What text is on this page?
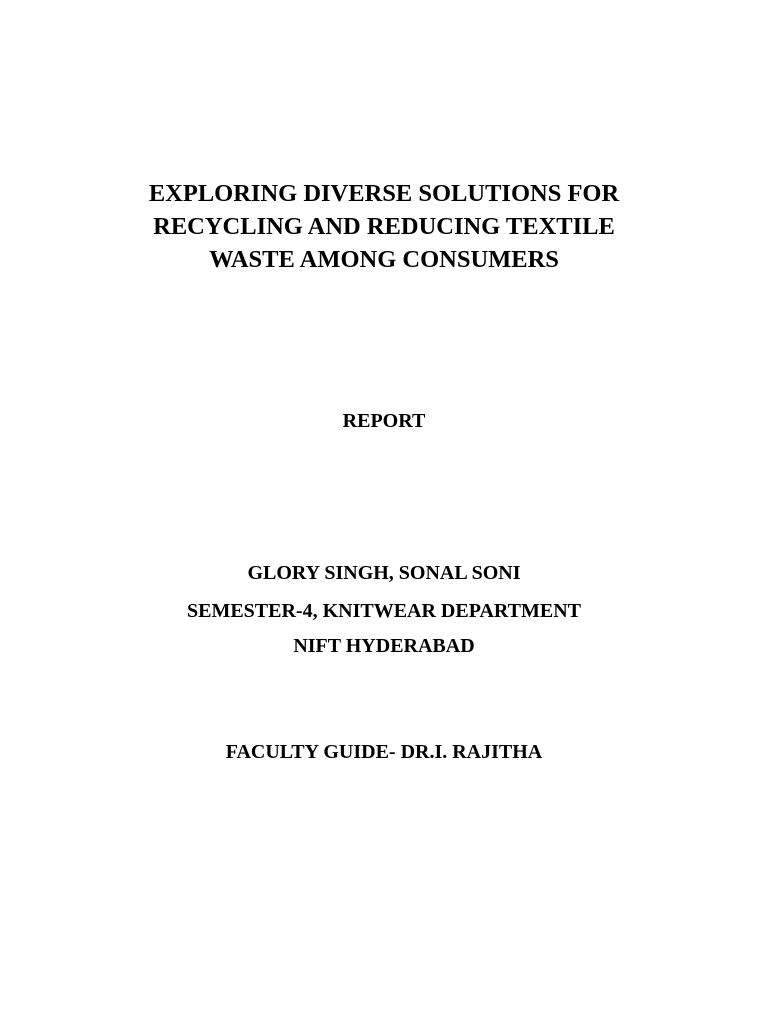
EXPLORING DIVERSE SOLUTIONS FOR
RECYCLING AND REDUCING TEXTILE
WASTE AMONG CONSUMERS

REPORT

GLORY SINGH, SONAL SONI

SEMESTER-4, KNITWEAR DEPARTMENT

NIFT HYDERABAD

FACULTY GUIDE- DR.I. RAJITHA
